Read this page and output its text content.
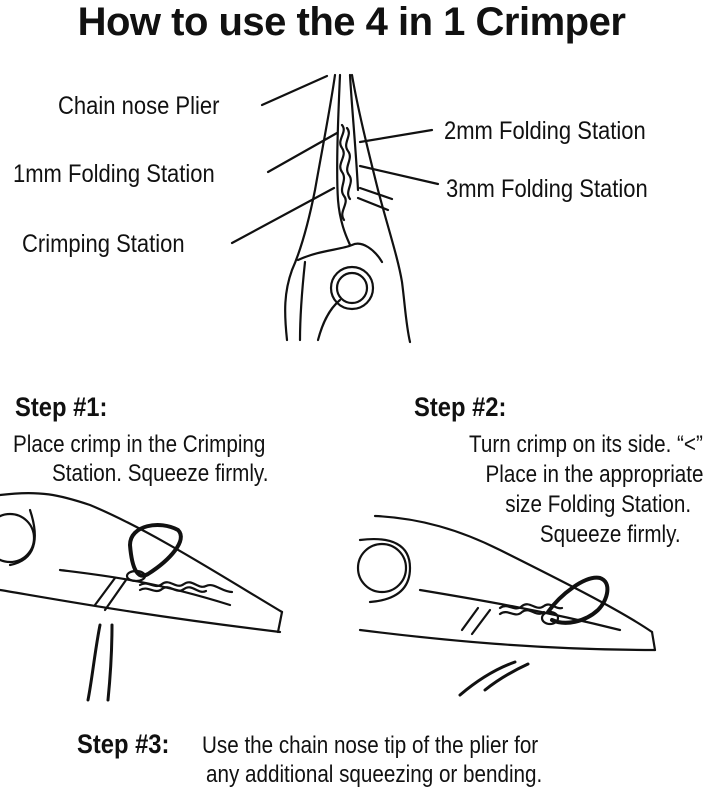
How to use the 4 in 1 Crimper
Chain nose Plier
1mm Folding Station
Crimping Station
2mm Folding Station
3mm Folding Station
Step #1:
Place crimp in the Crimping
Station. Squeeze firmly.
Step #2:
Turn crimp on its side. “<”
Place in the appropriate
size Folding Station.
Squeeze firmly.
Step #3: Use the chain nose tip of the plier for
any additional squeezing or bending.
